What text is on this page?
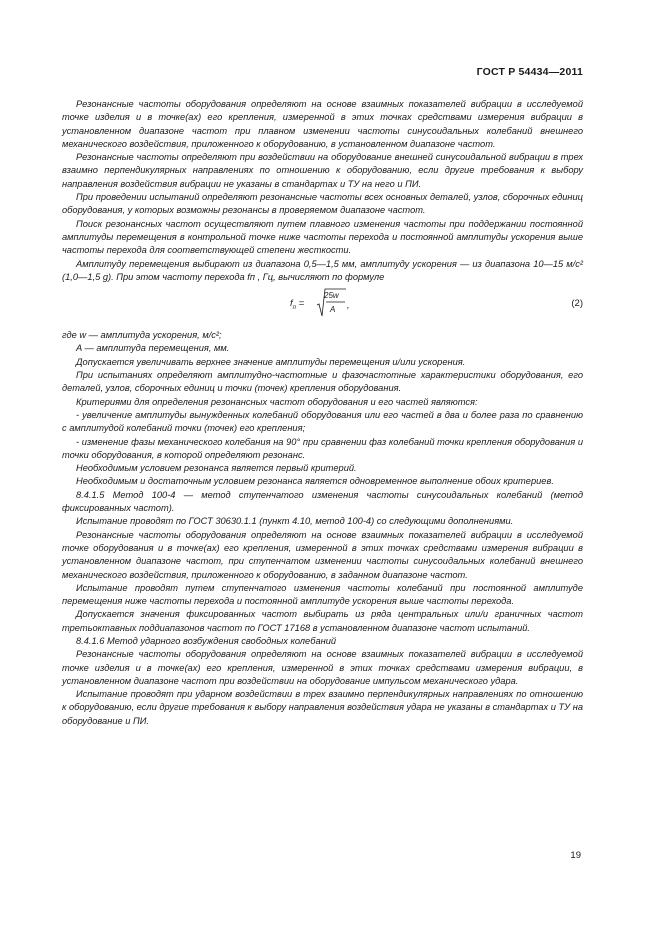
ГОСТ Р 54434—2011

Резонансные частоты оборудования определяют на основе взаимных показателей вибрации в исследуемой точке изделия и в точке(ах) его крепления, измеренной в этих точках средствами измерения вибрации в установленном диапазоне частот при плавном изменении частоты синусоидальных колебаний внешнего механического воздействия, приложенного к оборудованию, в установленном диапазоне частот.

Резонансные частоты определяют при воздействии на оборудование внешней синусоидальной вибрации в трех взаимно перпендикулярных направлениях по отношению к оборудованию, если другие требования к выбору направления воздействия вибрации не указаны в стандартах и ТУ на него и ПИ.

При проведении испытаний определяют резонансные частоты всех основных деталей, узлов, сборочных единиц оборудования, у которых возможны резонансы в проверяемом диапазоне частот.

Поиск резонансных частот осуществляют путем плавного изменения частоты при поддержании постоянной амплитуды перемещения в контрольной точке ниже частоты перехода и постоянной амплитуды ускорения выше частоты перехода для соответствующей степени жесткости.

Амплитуду перемещения выбирают из диапазона 0,5—1,5 мм, амплитуду ускорения — из диапазона 10—15 м/с² (1,0—1,5 g). При этом частоту перехода fп , Гц, вычисляют по формуле

$f_п$ =
25w
A ,	(2)

где w — амплитуда ускорения, м/с²;

A — амплитуда перемещения, мм.

Допускается увеличивать верхнее значение амплитуды перемещения и/или ускорения.

При испытаниях определяют амплитудно-частотные и фазочастотные характеристики оборудования, его деталей, узлов, сборочных единиц и точки (точек) крепления оборудования.

Критериями для определения резонансных частот оборудования и его частей являются:

- увеличение амплитуды вынужденных колебаний оборудования или его частей в два и более раза по сравнению с амплитудой колебаний точки (точек) его крепления;

- изменение фазы механического колебания на 90° при сравнении фаз колебаний точки крепления оборудования и точки оборудования, в которой определяют резонанс.

Необходимым условием резонанса является первый критерий.

Необходимым и достаточным условием резонанса является одновременное выполнение обоих критериев.

8.4.1.5 Метод 100-4 — метод ступенчатого изменения частоты синусоидальных колебаний (метод фиксированных частот).

Испытание проводят по ГОСТ 30630.1.1 (пункт 4.10, метод 100-4) со следующими дополнениями.

Резонансные частоты оборудования определяют на основе взаимных показателей вибрации в исследуемой точке оборудования и в точке(ах) его крепления, измеренной в этих точках средствами измерения вибрации в установленном диапазоне частот, при ступенчатом изменении частоты синусоидальных колебаний внешнего механического воздействия, приложенного к оборудованию, в заданном диапазоне частот.

Испытание проводят путем ступенчатого изменения частоты колебаний при постоянной амплитуде перемещения ниже частоты перехода и постоянной амплитуде ускорения выше частоты перехода.

Допускается значения фиксированных частот выбирать из ряда центральных или/и граничных частот третьоктавных поддиапазонов частот по ГОСТ 17168 в установленном диапазоне частот испытаний.

8.4.1.6 Метод ударного возбуждения свободных колебаний

Резонансные частоты оборудования определяют на основе взаимных показателей вибрации в исследуемой точке изделия и в точке(ах) его крепления, измеренной в этих точках средствами измерения вибрации, в установленном диапазоне частот при воздействии на оборудование импульсом механического удара.

Испытание проводят при ударном воздействии в трех взаимно перпендикулярных направлениях по отношению к оборудованию, если другие требования к выбору направления воздействия удара не указаны в стандартах и ТУ на оборудование и ПИ.

19
